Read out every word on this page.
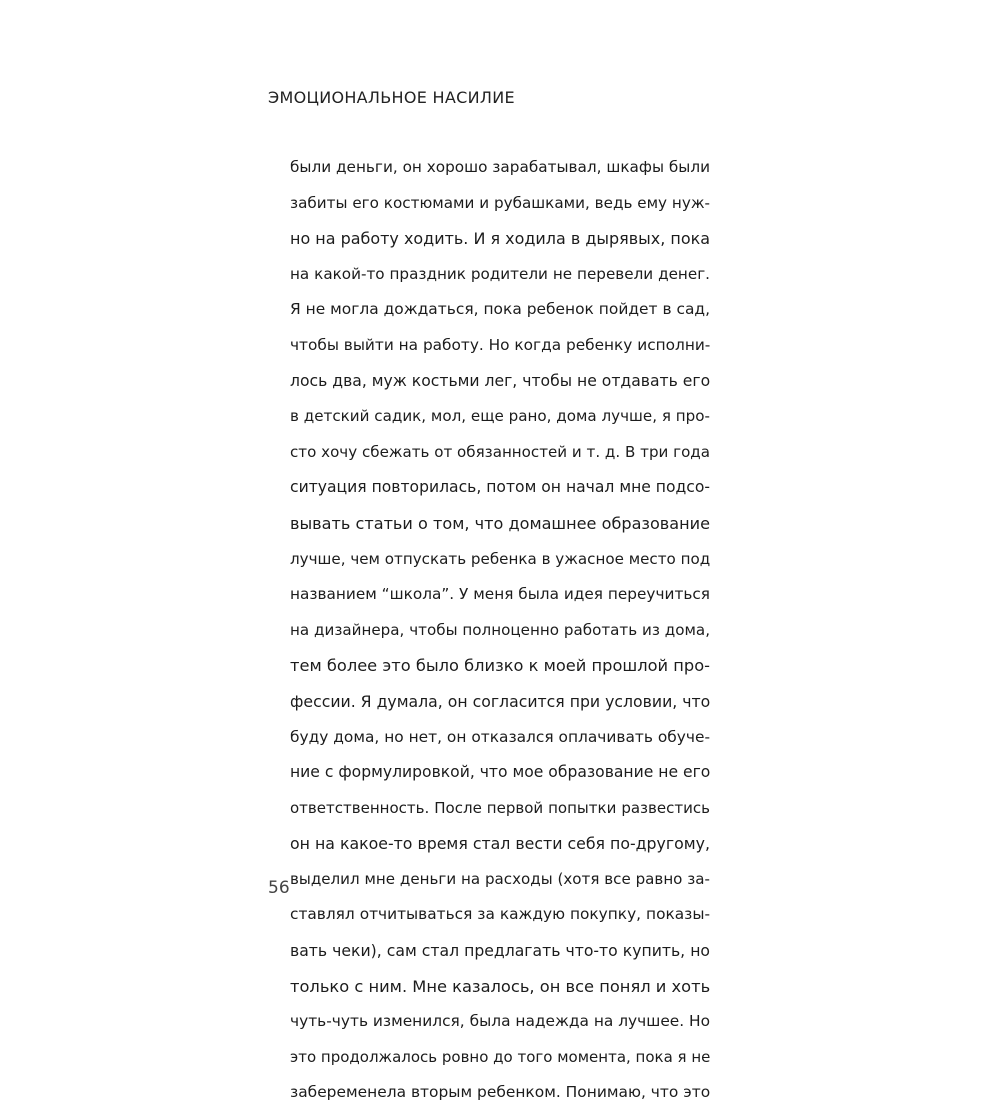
ЭМОЦИОНАЛЬНОЕ НАСИЛИЕ
были деньги, он хорошо зарабатывал, шкафы были
забиты его костюмами и рубашками, ведь ему нуж-
но на работу ходить. И я ходила в дырявых, пока
на какой-то праздник родители не перевели денег.
Я не могла дождаться, пока ребенок пойдет в сад,
чтобы выйти на работу. Но когда ребенку исполни-
лось два, муж костьми лег, чтобы не отдавать его
в детский садик, мол, еще рано, дома лучше, я про-
сто хочу сбежать от обязанностей и т. д. В три года
ситуация повторилась, потом он начал мне подсо-
вывать статьи о том, что домашнее образование
лучше, чем отпускать ребенка в ужасное место под
названием “школа”. У меня была идея переучиться
на дизайнера, чтобы полноценно работать из дома,
тем более это было близко к моей прошлой про-
фессии. Я думала, он согласится при условии, что
буду дома, но нет, он отказался оплачивать обуче-
ние с формулировкой, что мое образование не его
ответственность. После первой попытки развестись
он на какое-то время стал вести себя по-другому,
выделил мне деньги на расходы (хотя все равно за-
ставлял отчитываться за каждую покупку, показы-
вать чеки), сам стал предлагать что-то купить, но
только с ним. Мне казалось, он все понял и хоть
чуть-чуть изменился, была надежда на лучшее. Но
это продолжалось ровно до того момента, пока я не
забеременела вторым ребенком. Понимаю, что это
56
